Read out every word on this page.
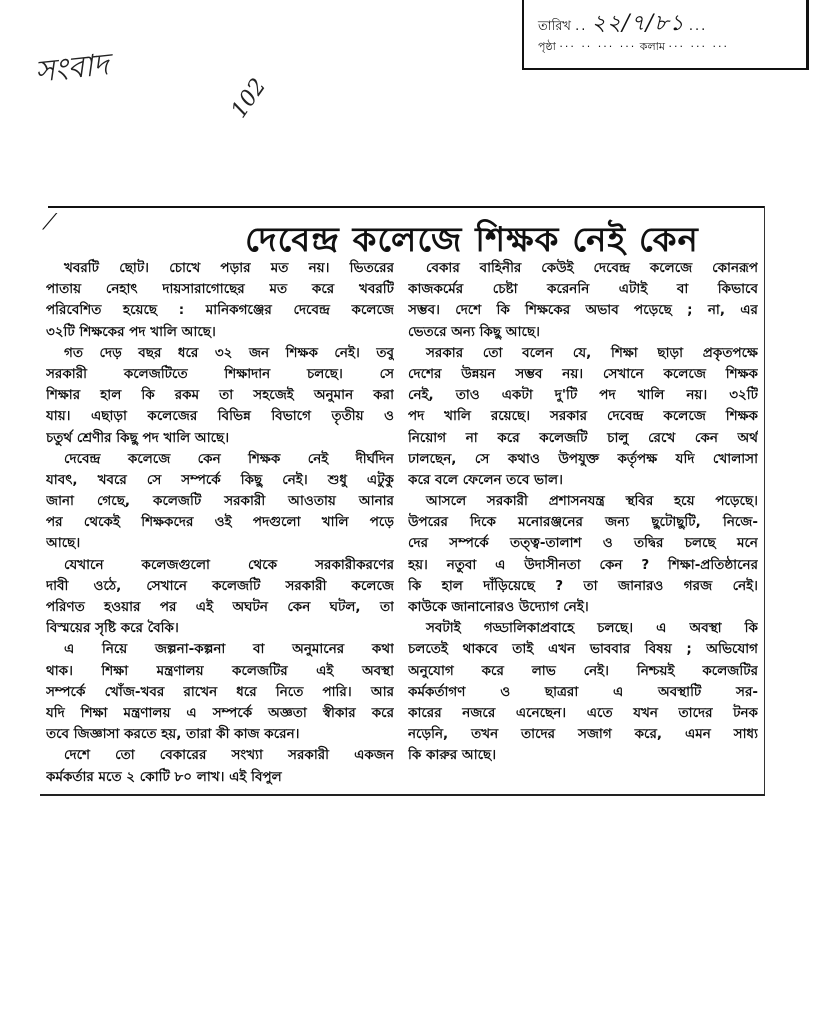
সংবাদ
102
তারিখ .. ২২/৭/৮১ ...
পৃষ্ঠা ··· ·· ··· ··· কলাম ··· ··· ···
⟋	দেবেন্দ্র কলেজে শিক্ষক নেই কেন
খবরটি ছোট। চোখে পড়ার মত নয়। ভিতরের
পাতায় নেহাৎ দায়সারাগোছের মত করে খবরটি
পরিবেশিত হয়েছে : মানিকগঞ্জের দেবেন্দ্র কলেজে
৩২টি শিক্ষকের পদ খালি আছে।
গত দেড় বছর ধরে ৩২ জন শিক্ষক নেই। তবু
সরকারী কলেজটিতে শিক্ষাদান চলছে। সে
শিক্ষার হাল কি রকম তা সহজেই অনুমান করা
যায়। এছাড়া কলেজের বিভিন্ন বিভাগে তৃতীয় ও
চতুর্থ শ্রেণীর কিছু পদ খালি আছে।
দেবেন্দ্র কলেজে কেন শিক্ষক নেই দীর্ঘদিন
যাবৎ, খবরে সে সম্পর্কে কিছু নেই। শুধু এটুকু
জানা গেছে, কলেজটি সরকারী আওতায় আনার
পর থেকেই শিক্ষকদের ওই পদগুলো খালি পড়ে
আছে।
যেখানে কলেজগুলো থেকে সরকারীকরণের
দাবী ওঠে, সেখানে কলেজটি সরকারী কলেজে
পরিণত হওয়ার পর এই অঘটন কেন ঘটল, তা
বিস্ময়ের সৃষ্টি করে বৈকি।
এ নিয়ে জল্পনা-কল্পনা বা অনুমানের কথা
থাক। শিক্ষা মন্ত্রণালয় কলেজটির এই অবস্থা
সম্পর্কে খোঁজ-খবর রাখেন ধরে নিতে পারি। আর
যদি শিক্ষা মন্ত্রণালয় এ সম্পর্কে অজ্ঞতা স্বীকার করে
তবে জিজ্ঞাসা করতে হয়, তারা কী কাজ করেন।
দেশে তো বেকারের সংখ্যা সরকারী একজন
কর্মকর্তার মতে ২ কোটি ৮০ লাখ। এই বিপুল
বেকার বাহিনীর কেউই দেবেন্দ্র কলেজে কোনরূপ
কাজকর্মের চেষ্টা করেননি এটাই বা কিভাবে
সম্ভব। দেশে কি শিক্ষকের অভাব পড়েছে ; না, এর
ভেতরে অন্য কিছু আছে।
সরকার তো বলেন যে, শিক্ষা ছাড়া প্রকৃতপক্ষে
দেশের উন্নয়ন সম্ভব নয়। সেখানে কলেজে শিক্ষক
নেই, তাও একটা দু'টি পদ খালি নয়। ৩২টি
পদ খালি রয়েছে। সরকার দেবেন্দ্র কলেজে শিক্ষক
নিয়োগ না করে কলেজটি চালু রেখে কেন অর্থ
ঢালছেন, সে কথাও উপযুক্ত কর্তৃপক্ষ যদি খোলাসা
করে বলে ফেলেন তবে ভাল।
আসলে সরকারী প্রশাসনযন্ত্র স্থবির হয়ে পড়েছে।
উপরের দিকে মনোরঞ্জনের জন্য ছুটোছুটি, নিজে-
দের সম্পর্কে তত্ত্ব-তালাশ ও তদ্বির চলছে মনে
হয়। নতুবা এ উদাসীনতা কেন ? শিক্ষা-প্রতিষ্ঠানের
কি হাল দাঁড়িয়েছে ? তা জানারও গরজ নেই।
কাউকে জানানোরও উদ্যোগ নেই।
সবটাই গড্ডালিকাপ্রবাহে চলছে। এ অবস্থা কি
চলতেই থাকবে তাই এখন ভাববার বিষয় ; অভিযোগ
অনুযোগ করে লাভ নেই। নিশ্চয়ই কলেজটির
কর্মকর্তাগণ ও ছাত্ররা এ অবস্থাটি সর-
কারের নজরে এনেছেন। এতে যখন তাদের টনক
নড়েনি, তখন তাদের সজাগ করে, এমন সাধ্য
কি কারুর আছে।
